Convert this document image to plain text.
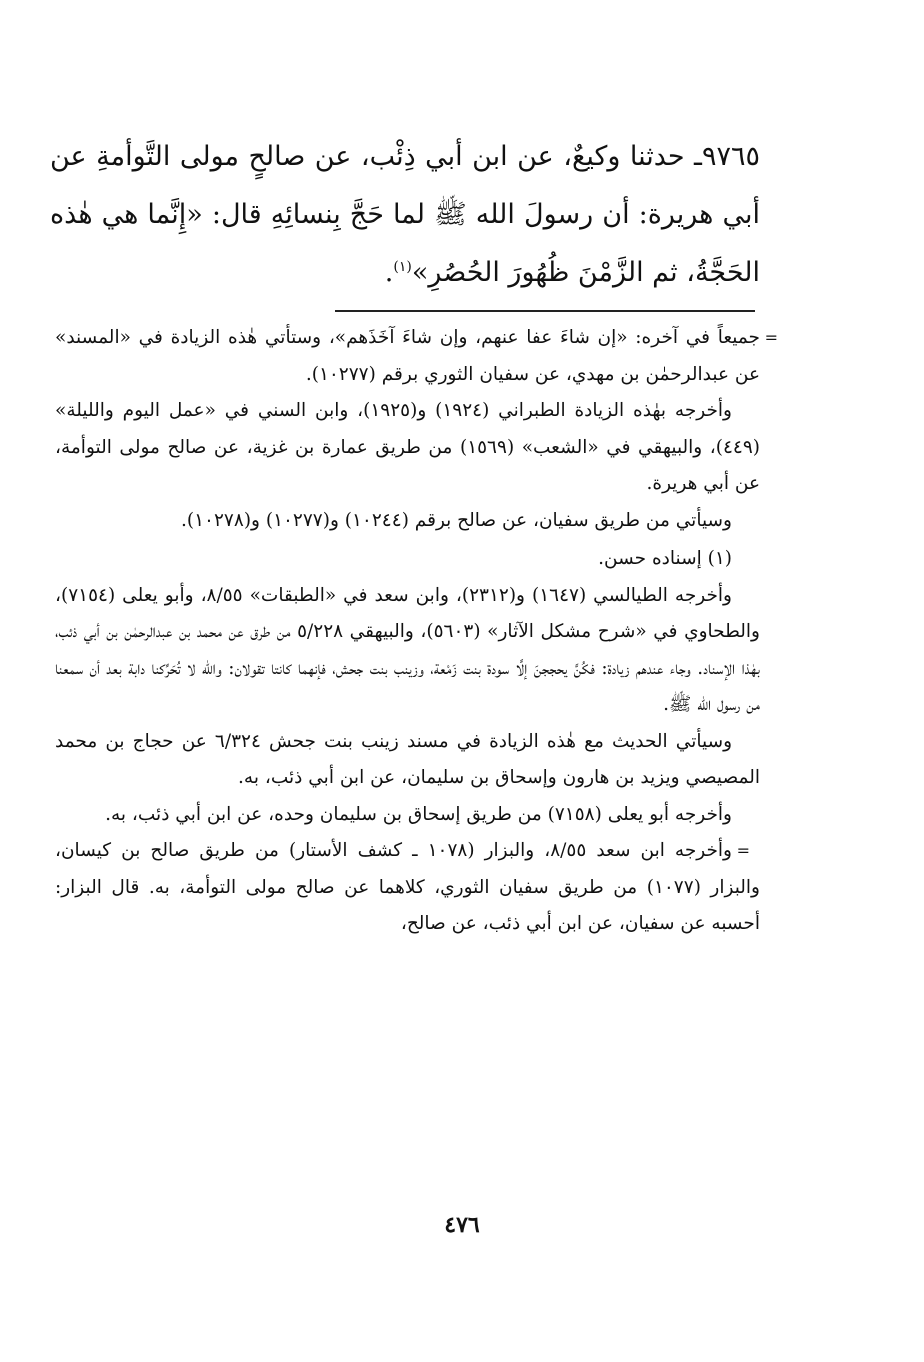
٩٧٦٥ـ حدثنا وكيعٌ، عن ابن أبي ذِئْب، عن صالحٍ مولى التَّوأمةِ عن أبي هريرة: أن رسولَ الله ﷺ لما حَجَّ بِنسائِهِ قال: «إِنَّما هي هٰذه الحَجَّةُ، ثم الزَّمْنَ ظُهُورَ الحُصُرِ»$^{(١)}$.

=
جميعاً في آخره: «إن شاءَ عفا عنهم، وإن شاءَ آخَذَهم»، وستأتي هٰذه الزيادة في «المسند» عن عبدالرحمٰن بن مهدي، عن سفيان الثوري برقم (١٠٢٧٧).

وأخرجه بهٰذه الزيادة الطبراني (١٩٢٤) و(١٩٢٥)، وابن السني في «عمل اليوم والليلة» (٤٤٩)، والبيهقي في «الشعب» (١٥٦٩) من طريق عمارة بن غزية، عن صالح مولى التوأمة، عن أبي هريرة.

وسيأتي من طريق سفيان، عن صالح برقم (١٠٢٤٤) و(١٠٢٧٧) و(١٠٢٧٨).

(١) إسناده حسن.

وأخرجه الطيالسي (١٦٤٧) و(٢٣١٢)، وابن سعد في «الطبقات» ٨/٥٥، وأبو يعلى (٧١٥٤)، والطحاوي في «شرح مشكل الآثار» (٥٦٠٣)، والبيهقي ٥/٢٢٨ من طرق عن محمد بن عبدالرحمٰن بن أبي ذئب، بهٰذا الإسناد. وجاء عندهم زيادة: فكُنَّ يحججنَ إلَّا سودة بنت زَمْعة، وزينب بنت جحش، فإنهما كانتا تقولان: والله لا تُحَرِّكنا دابة بعد أن سمعنا من رسول الله ﷺ.

وسيأتي الحديث مع هٰذه الزيادة في مسند زينب بنت جحش ٦/٣٢٤ عن حجاج بن محمد المصيصي ويزيد بن هارون وإسحاق بن سليمان، عن ابن أبي ذئب، به.

=
وأخرجه أبو يعلى (٧١٥٨) من طريق إسحاق بن سليمان وحده، عن ابن أبي ذئب، به.

وأخرجه ابن سعد ٨/٥٥، والبزار (١٠٧٨ ـ كشف الأستار) من طريق صالح بن كيسان، والبزار (١٠٧٧) من طريق سفيان الثوري، كلاهما عن صالح مولى التوأمة، به. قال البزار: أحسبه عن سفيان، عن ابن أبي ذئب، عن صالح،

٤٧٦
